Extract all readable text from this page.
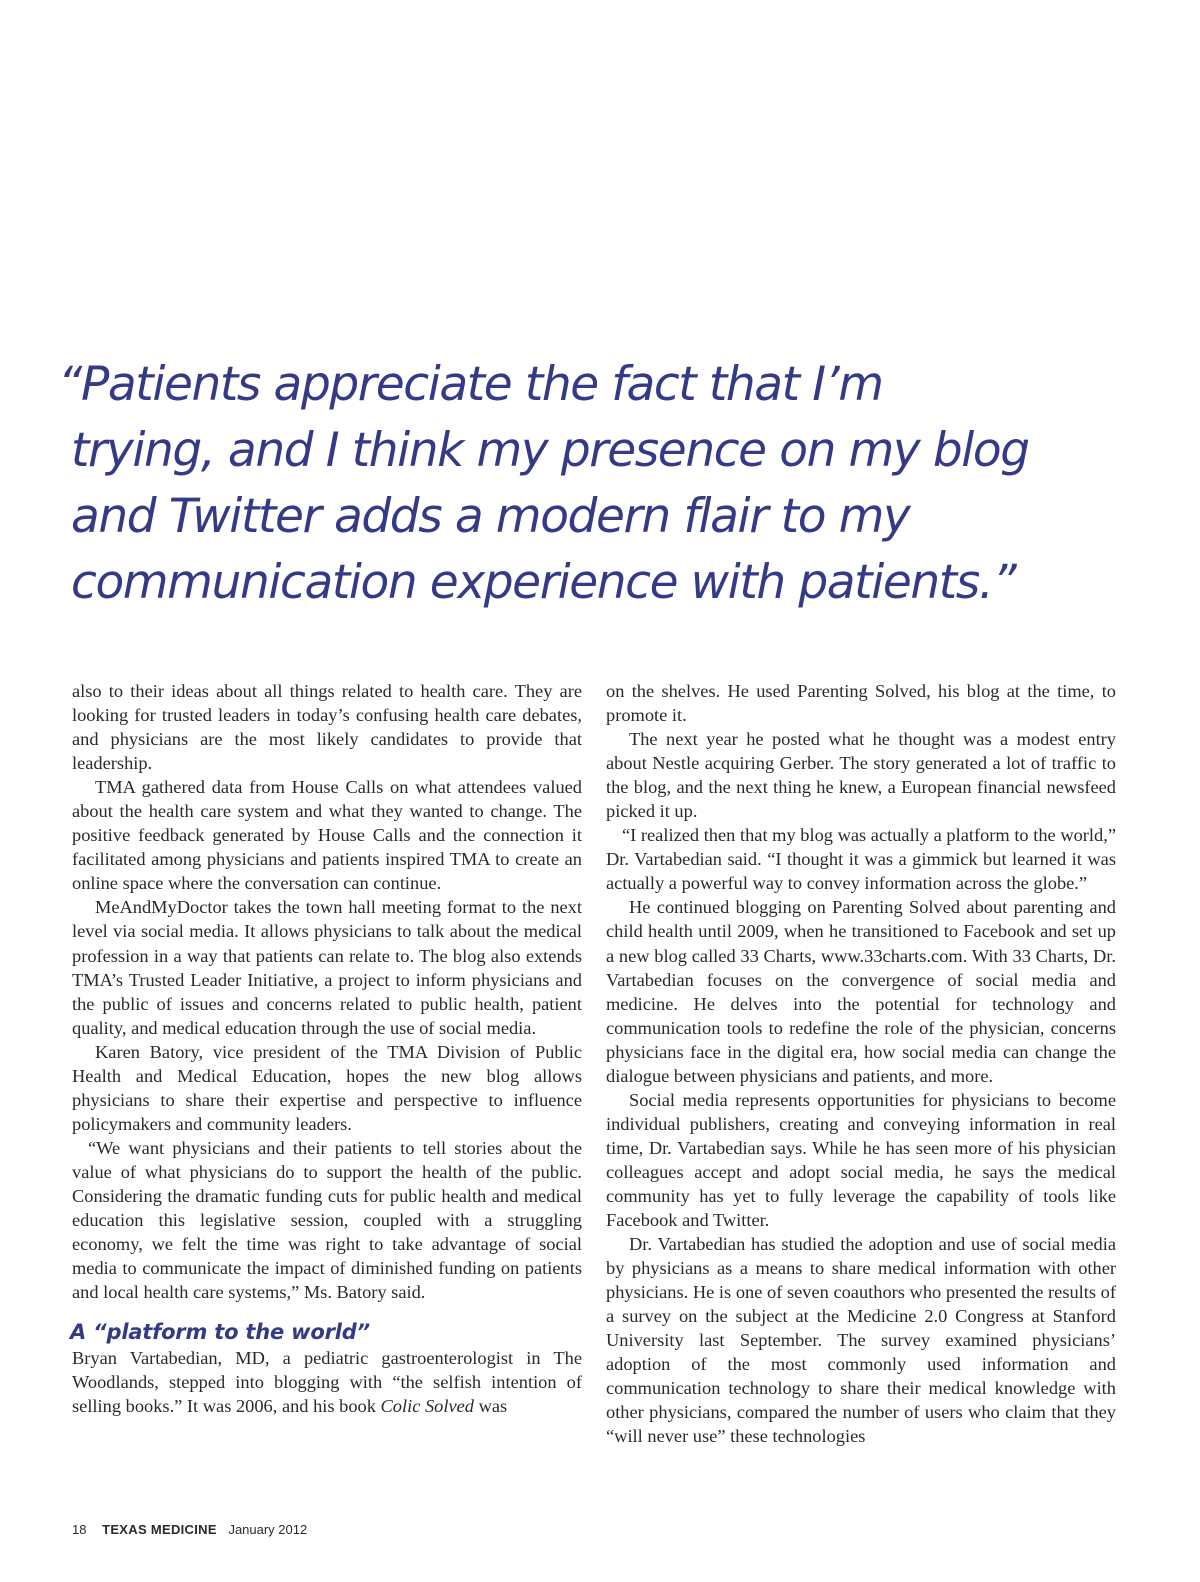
“Patients appreciate the fact that I’m
trying, and I think my presence on my blog
and Twitter adds a modern flair to my
communication experience with patients.”

also to their ideas about all things related to health care. They are looking for trusted leaders in today’s confusing health care debates, and physicians are the most likely candidates to provide that leadership.

TMA gathered data from House Calls on what attendees valued about the health care system and what they wanted to change. The positive feedback generated by House Calls and the connection it facilitated among physicians and patients inspired TMA to create an online space where the conversation can continue.

MeAndMyDoctor takes the town hall meeting format to the next level via social media. It allows physicians to talk about the medical profession in a way that patients can relate to. The blog also extends TMA’s Trusted Leader Initiative, a project to inform physicians and the public of issues and concerns related to public health, patient quality, and medical education through the use of social media.

Karen Batory, vice president of the TMA Division of Public Health and Medical Education, hopes the new blog allows physicians to share their expertise and perspective to influence policymakers and community leaders.

“We want physicians and their patients to tell stories about the value of what physicians do to support the health of the public. Considering the dramatic funding cuts for public health and medical education this legislative session, coupled with a struggling economy, we felt the time was right to take advantage of social media to communicate the impact of diminished funding on patients and local health care systems,” Ms. Batory said.

A “platform to the world”

Bryan Vartabedian, MD, a pediatric gastroenterologist in The Woodlands, stepped into blogging with “the selfish intention of selling books.” It was 2006, and his book Colic Solved was

on the shelves. He used Parenting Solved, his blog at the time, to promote it.

The next year he posted what he thought was a modest entry about Nestle acquiring Gerber. The story generated a lot of traffic to the blog, and the next thing he knew, a European financial newsfeed picked it up.

“I realized then that my blog was actually a platform to the world,” Dr. Vartabedian said. “I thought it was a gimmick but learned it was actually a powerful way to convey information across the globe.”

He continued blogging on Parenting Solved about parenting and child health until 2009, when he transitioned to Facebook and set up a new blog called 33 Charts, www.33charts.com. With 33 Charts, Dr. Vartabedian focuses on the convergence of social media and medicine. He delves into the potential for technology and communication tools to redefine the role of the physician, concerns physicians face in the digital era, how social media can change the dialogue between physicians and patients, and more.

Social media represents opportunities for physicians to become individual publishers, creating and conveying information in real time, Dr. Vartabedian says. While he has seen more of his physician colleagues accept and adopt social media, he says the medical community has yet to fully leverage the capability of tools like Facebook and Twitter.

Dr. Vartabedian has studied the adoption and use of social media by physicians as a means to share medical information with other physicians. He is one of seven coauthors who presented the results of a survey on the subject at the Medicine 2.0 Congress at Stanford University last September. The survey examined physicians’ adoption of the most commonly used information and communication technology to share their medical knowledge with other physicians, compared the number of users who claim that they “will never use” these technologies

18 TEXAS MEDICINE January 2012
